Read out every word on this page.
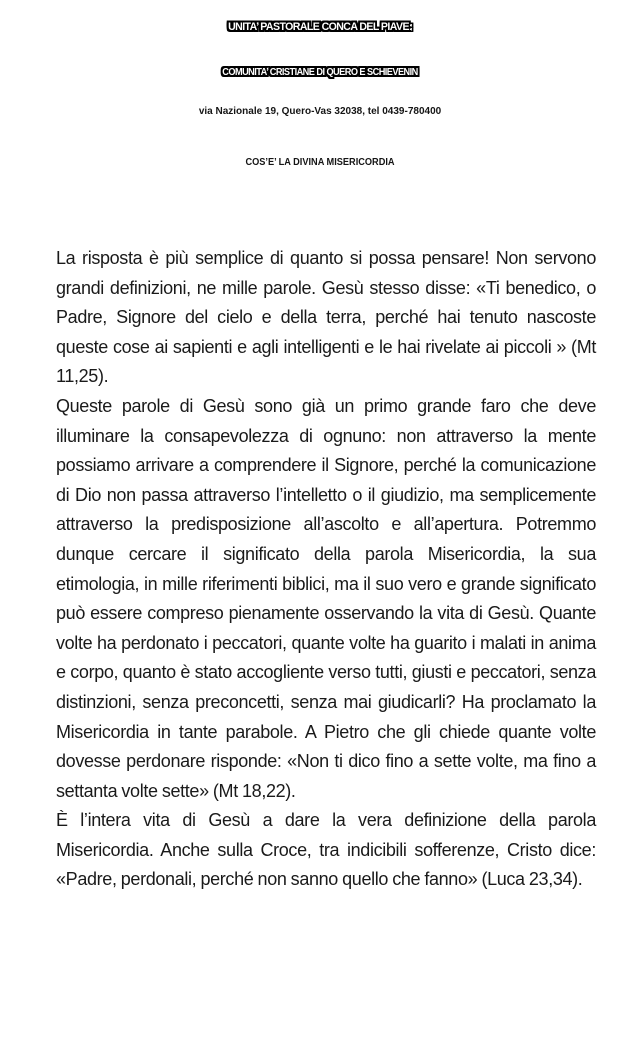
UNITA’ PASTORALE CONCA DEL PIAVE:
COMUNITA’ CRISTIANE DI QUERO E SCHIEVENIN
via Nazionale 19, Quero-Vas 32038, tel 0439-780400
COS’E’ LA DIVINA MISERICORDIA

La risposta è più semplice di quanto si possa pensare! Non servono grandi definizioni, ne mille parole. Gesù stesso disse: «Ti benedico, o Padre, Signore del cielo e della terra, perché hai tenuto nascoste queste cose ai sapienti e agli intelligenti e le hai rivelate ai piccoli » (Mt 11,25).

Queste parole di Gesù sono già un primo grande faro che deve illuminare la consapevolezza di ognuno: non attraverso la mente possiamo arrivare a comprendere il Signore, perché la comunicazione di Dio non passa attraverso l’intelletto o il giudizio, ma semplicemente attraverso la predisposizione all’ascolto e all’apertura. Potremmo dunque cercare il significato della parola Misericordia, la sua etimologia, in mille riferimenti biblici, ma il suo vero e grande significato può essere compreso pienamente osservando la vita di Gesù. Quante volte ha perdonato i peccatori, quante volte ha guarito i malati in anima e corpo, quanto è stato accogliente verso tutti, giusti e peccatori, senza distinzioni, senza preconcetti, senza mai giudicarli? Ha proclamato la Misericordia in tante parabole. A Pietro che gli chiede quante volte dovesse perdonare risponde: «Non ti dico fino a sette volte, ma fino a settanta volte sette» (Mt 18,22).

È l’intera vita di Gesù a dare la vera definizione della parola Misericordia. Anche sulla Croce, tra indicibili sofferenze, Cristo dice: «Padre, perdonali, perché non sanno quello che fanno» (Luca 23,34).
